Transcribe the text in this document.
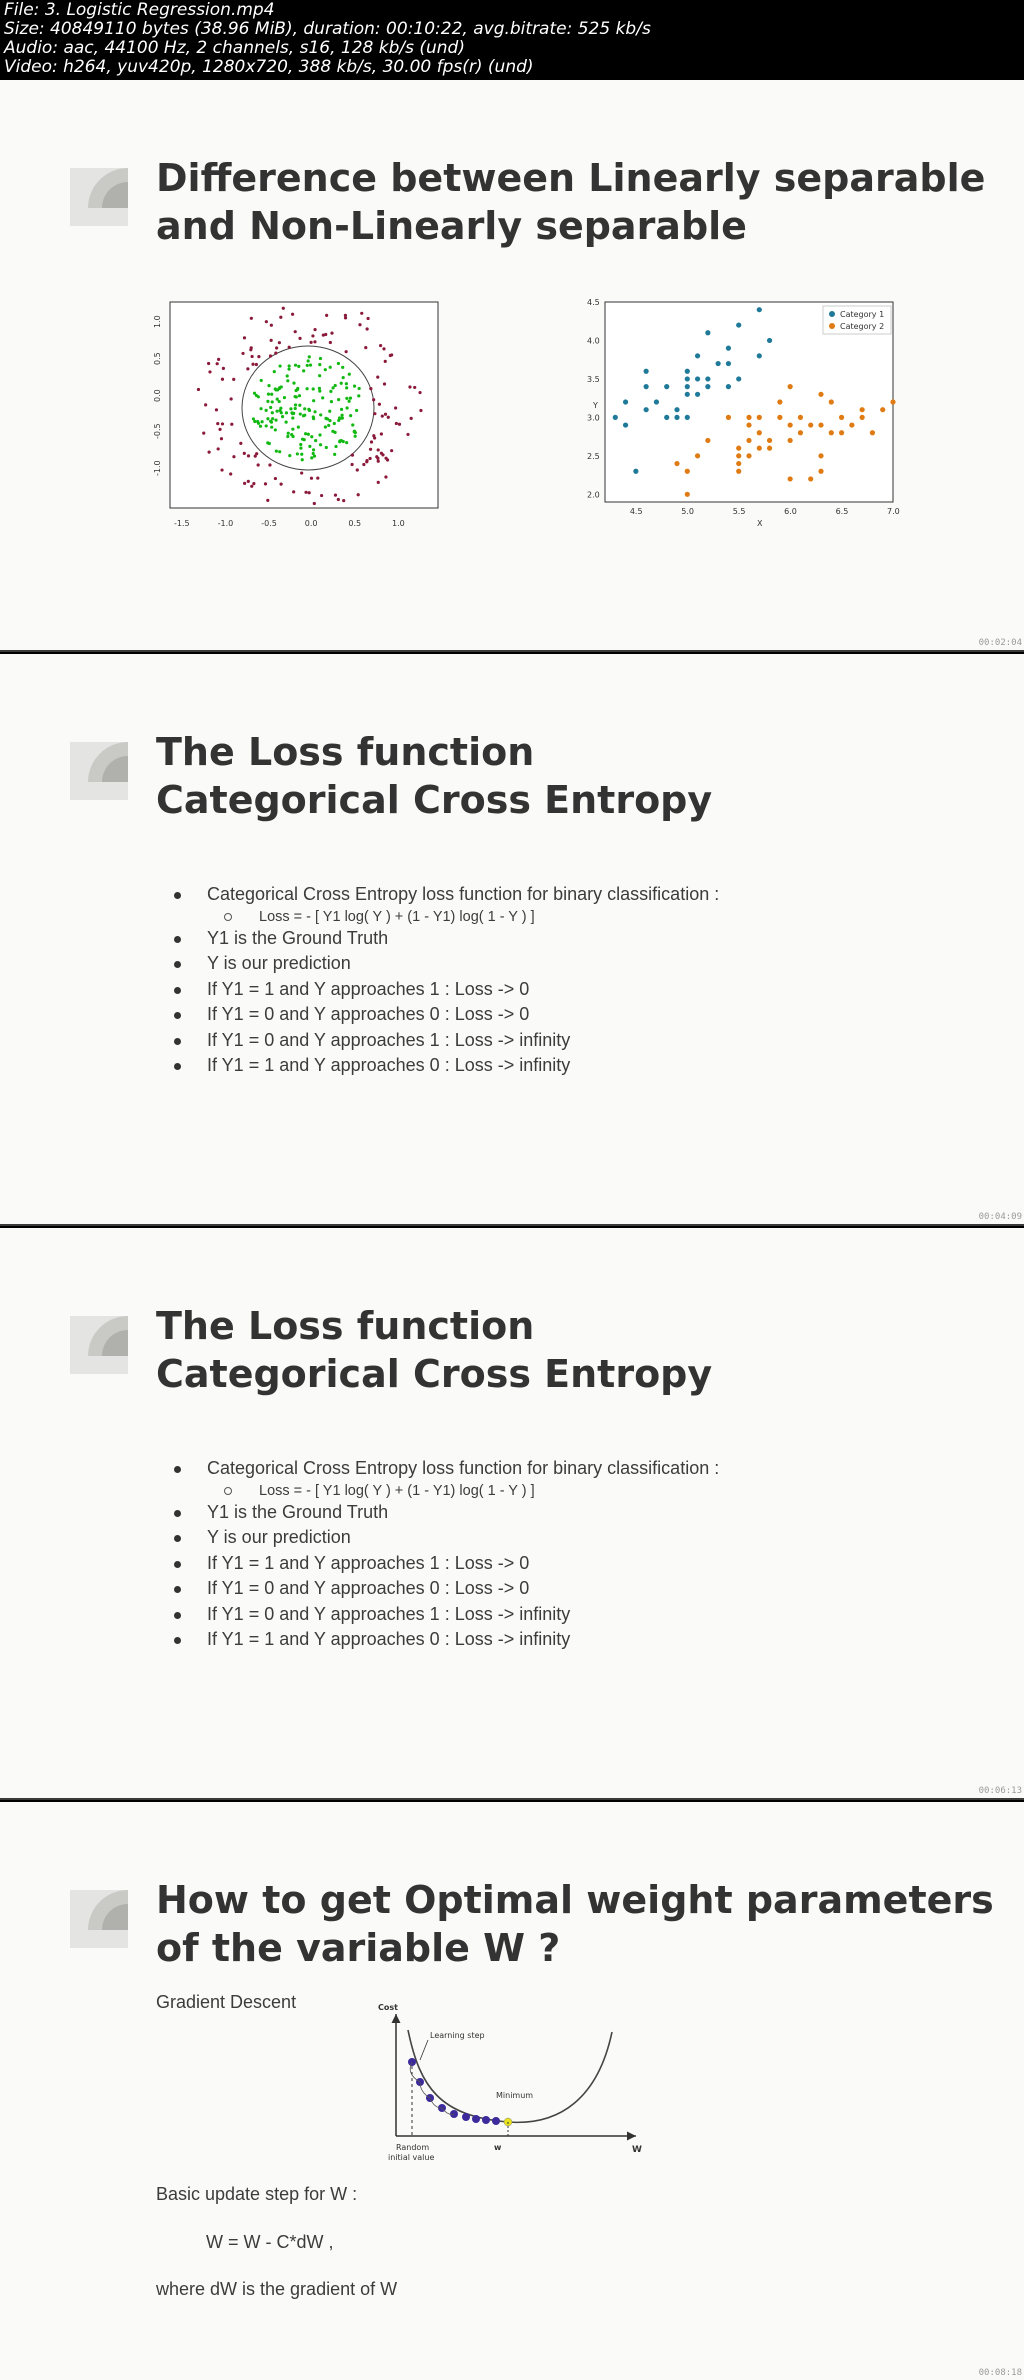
File: 3. Logistic Regression.mp4
Size: 40849110 bytes (38.96 MiB), duration: 00:10:22, avg.bitrate: 525 kb/s
Audio: aac, 44100 Hz, 2 channels, s16, 128 kb/s (und)
Video: h264, yuv420p, 1280x720, 388 kb/s, 30.00 fps(r) (und)
Difference between Linearly separable
and Non-Linearly separable
-1.5	-1.0	-0.5	0.0	0.5	1.0
1.0
0.5
0.0
-0.5
-1.0
4.5	5.0	5.5	6.0	6.5	7.0
4.5
4.0
3.5
3.0
2.5
2.0
X
Y
Category 1
Category 2
00:02:04
The Loss function
Categorical Cross Entropy
Categorical Cross Entropy loss function for binary classification :
Loss = - [ Y1 log( Y ) + (1 - Y1) log( 1 - Y ) ]
Y1 is the Ground Truth
Y is our prediction
If Y1 = 1 and Y approaches 1 : Loss -> 0
If Y1 = 0 and Y approaches 0 : Loss -> 0
If Y1 = 0 and Y approaches 1 : Loss -> infinity
If Y1 = 1 and Y approaches 0 : Loss -> infinity
00:04:09
The Loss function
Categorical Cross Entropy
Categorical Cross Entropy loss function for binary classification :
Loss = - [ Y1 log( Y ) + (1 - Y1) log( 1 - Y ) ]
Y1 is the Ground Truth
Y is our prediction
If Y1 = 1 and Y approaches 1 : Loss -> 0
If Y1 = 0 and Y approaches 0 : Loss -> 0
If Y1 = 0 and Y approaches 1 : Loss -> infinity
If Y1 = 1 and Y approaches 0 : Loss -> infinity
00:06:13
How to get Optimal weight parameters
of the variable W ?
Gradient Descent	Cost
W
Learning step
Minimum
Random
initial value
w
Basic update step for W :
W = W - C*dW ,
where dW is the gradient of W
00:08:18
